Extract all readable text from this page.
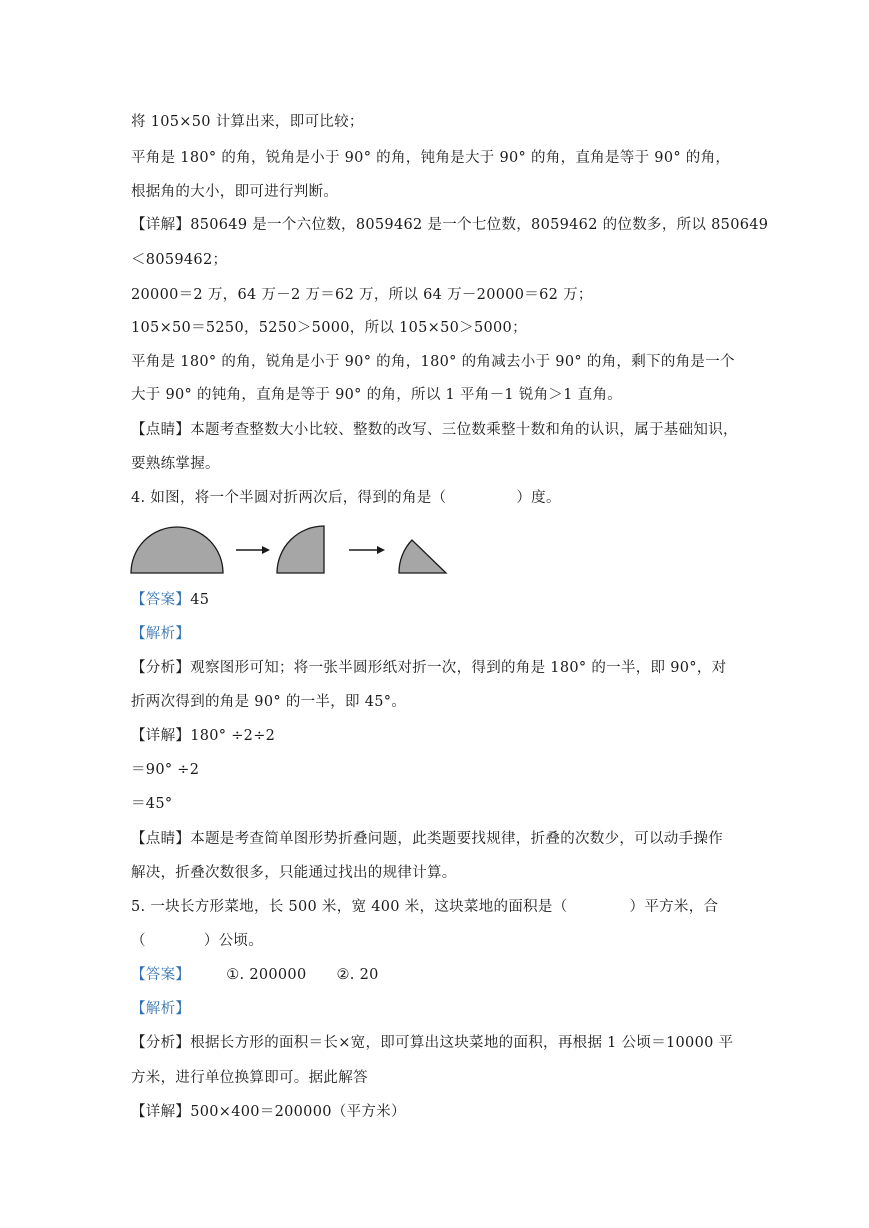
将 105×50 计算出来，即可比较；

平角是 180° 的角，锐角是小于 90° 的角，钝角是大于 90° 的角，直角是等于 90° 的角，

根据角的大小，即可进行判断。

【详解】850649 是一个六位数，8059462 是一个七位数，8059462 的位数多，所以 850649

＜8059462；

20000＝2 万，64 万－2 万＝62 万，所以 64 万－20000＝62 万；

105×50＝5250，5250＞5000，所以 105×50＞5000；

平角是 180° 的角，锐角是小于 90° 的角，180° 的角减去小于 90° 的角，剩下的角是一个

大于 90° 的钝角，直角是等于 90° 的角，所以 1 平角－1 锐角＞1 直角。

【点睛】本题考查整数大小比较、整数的改写、三位数乘整十数和角的认识，属于基础知识，

要熟练掌握。

4. 如图，将一个半圆对折两次后，得到的角是（	）度。

【答案】45

【解析】

【分析】观察图形可知；将一张半圆形纸对折一次，得到的角是 180° 的一半，即 90°，对

折两次得到的角是 90° 的一半，即 45°。

【详解】180° ÷2÷2

＝90° ÷2

＝45°

【点睛】本题是考查简单图形势折叠问题，此类题要找规律，折叠的次数少，可以动手操作

解决，折叠次数很多，只能通过找出的规律计算。

5. 一块长方形菜地，长 500 米，宽 400 米，这块菜地的面积是（	）平方米，合

（	）公顷。

【答案】 ①. 200000 ②. 20

【解析】

【分析】根据长方形的面积＝长×宽，即可算出这块菜地的面积，再根据 1 公顷＝10000 平

方米，进行单位换算即可。据此解答

【详解】500×400＝200000（平方米）
